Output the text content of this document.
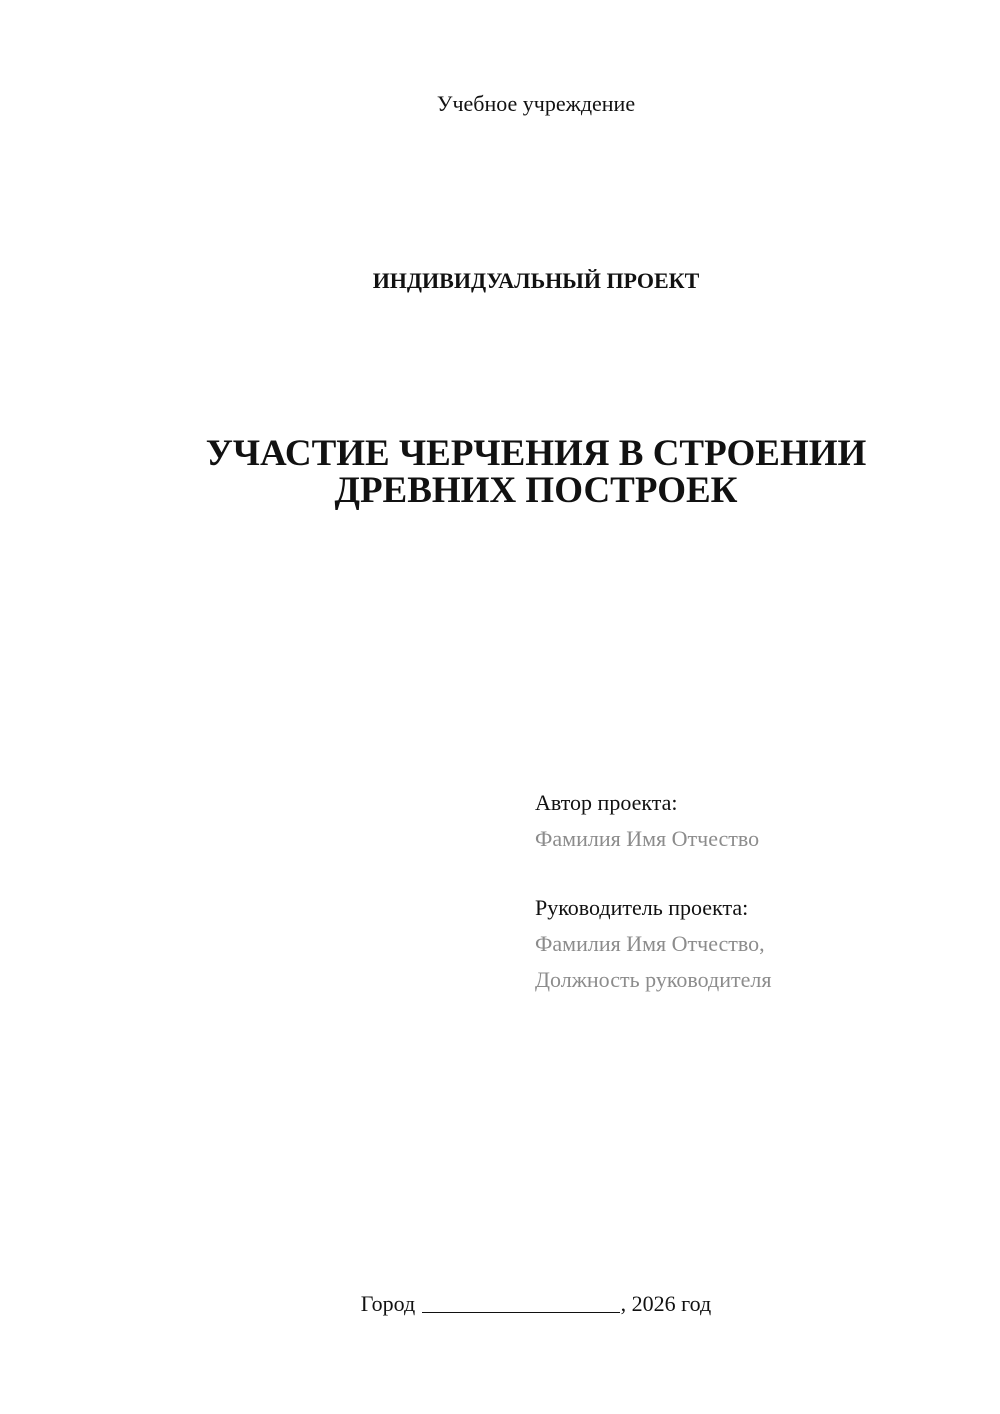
Учебное учреждение
ИНДИВИДУАЛЬНЫЙ ПРОЕКТ
УЧАСТИЕ ЧЕРЧЕНИЯ В СТРОЕНИИ
ДРЕВНИХ ПОСТРОЕК
Автор проекта:
Фамилия Имя Отчество
Руководитель проекта:
Фамилия Имя Отчество,
Должность руководителя
Город	, 2026 год
